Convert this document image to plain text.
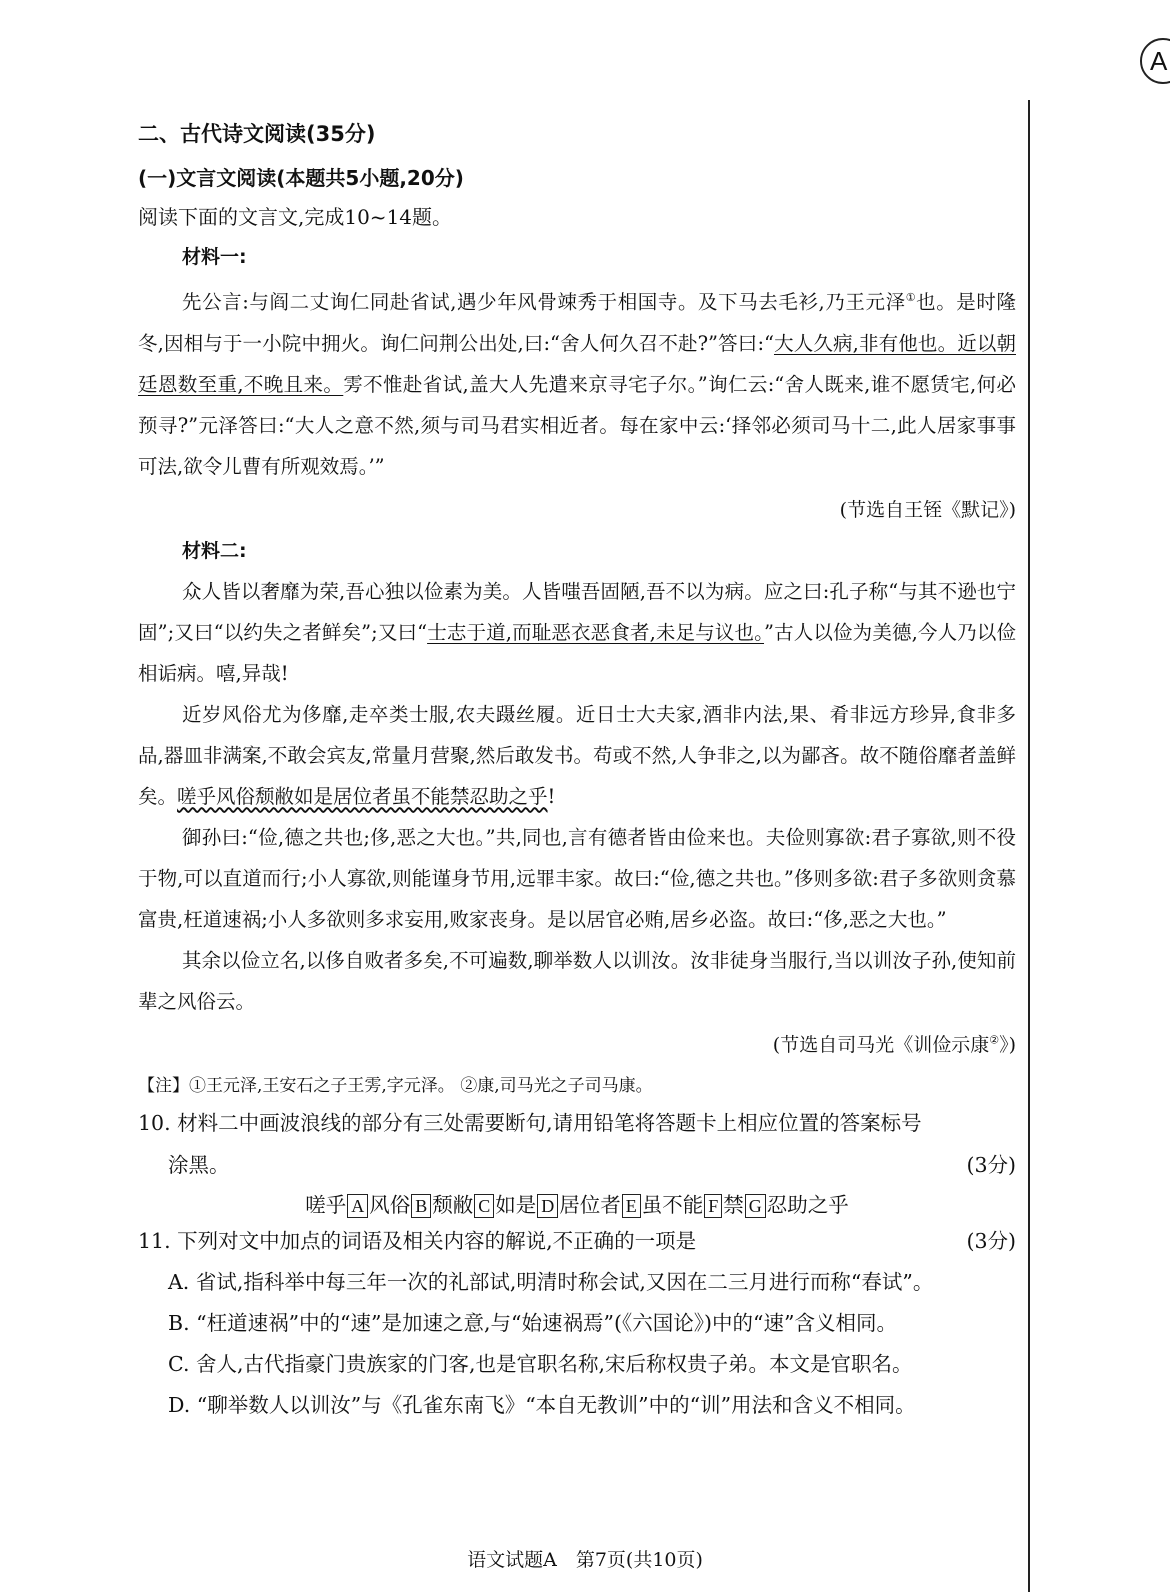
A
二、古代诗文阅读(35分)
(一)文言文阅读(本题共5小题,20分)
阅读下面的文言文,完成10~14题。
材料一:

先公言:与阎二丈询仁同赴省试,遇少年风骨竦秀于相国寺。及下马去毛衫,乃王元泽①也。是时隆冬,因相与于一小院中拥火。询仁问荆公出处,曰:“舍人何久召不赴?”答曰:“大人久病,非有他也。近以朝廷恩数至重,不晚且来。雱不惟赴省试,盖大人先遣来京寻宅子尔。”询仁云:“舍人既来,谁不愿赁宅,何必预寻?”元泽答曰:“大人之意不然,须与司马君实相近者。每在家中云:‘择邻必须司马十二,此人居家事事可法,欲令儿曹有所观效焉。’”

(节选自王铚《默记》)
材料二:

众人皆以奢靡为荣,吾心独以俭素为美。人皆嗤吾固陋,吾不以为病。应之曰:孔子称“与其不逊也宁固”;又曰“以约失之者鲜矣”;又曰“士志于道,而耻恶衣恶食者,未足与议也。”古人以俭为美德,今人乃以俭相诟病。嘻,异哉!

近岁风俗尤为侈靡,走卒类士服,农夫蹑丝履。近日士大夫家,酒非内法,果、肴非远方珍异,食非多品,器皿非满案,不敢会宾友,常量月营聚,然后敢发书。苟或不然,人争非之,以为鄙吝。故不随俗靡者盖鲜矣。嗟乎风俗颓敝如是居位者虽不能禁忍助之乎!

御孙曰:“俭,德之共也;侈,恶之大也。”共,同也,言有德者皆由俭来也。夫俭则寡欲:君子寡欲,则不役于物,可以直道而行;小人寡欲,则能谨身节用,远罪丰家。故曰:“俭,德之共也。”侈则多欲:君子多欲则贪慕富贵,枉道速祸;小人多欲则多求妄用,败家丧身。是以居官必贿,居乡必盗。故曰:“侈,恶之大也。”

其余以俭立名,以侈自败者多矣,不可遍数,聊举数人以训汝。汝非徒身当服行,当以训汝子孙,使知前辈之风俗云。

(节选自司马光《训俭示康②》)
【注】①王元泽,王安石之子王雱,字元泽。 ②康,司马光之子司马康。

10. 材料二中画波浪线的部分有三处需要断句,请用铅笔将答题卡上相应位置的答案标号

涂黑。	(3分)

嗟乎 A 风俗 B 颓敝 C 如是 D 居位者 E 虽不能 F 禁 G 忍助之乎

11. 下列对文中加点的词语及相关内容的解说,不正确的一项是	(3分)

A. 省试,指科举中每三年一次的礼部试,明清时称会试,又因在二三月进行而称“春试”。

B. “枉道速祸”中的“速”是加速之意,与“始速祸焉”(《六国论》)中的“速”含义相同。

C. 舍人,古代指豪门贵族家的门客,也是官职名称,宋后称权贵子弟。本文是官职名。

D. “聊举数人以训汝”与《孔雀东南飞》“本自无教训”中的“训”用法和含义不相同。

语文试题A　第7页(共10页)
